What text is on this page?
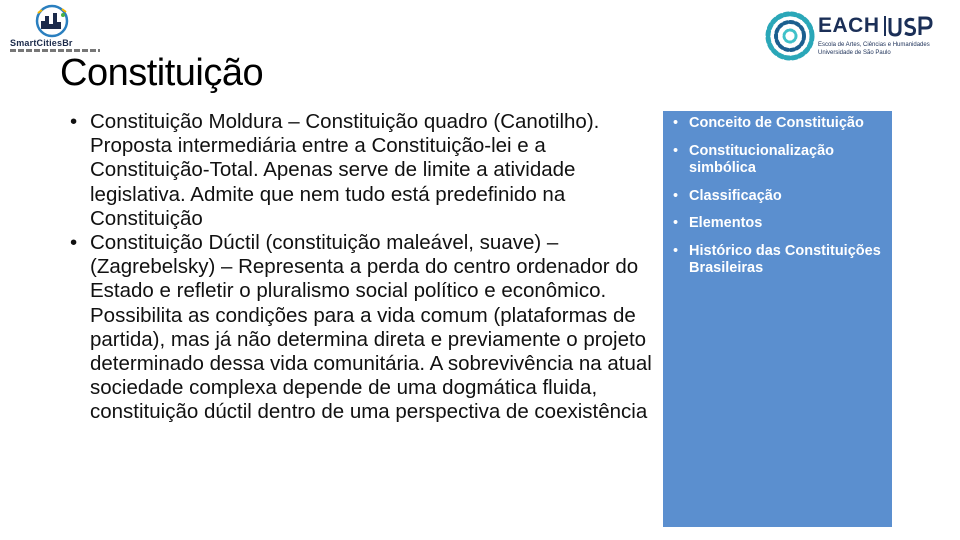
SmartCitiesBr
EACH
Escola de Artes, Ciências e Humanidades
Universidade de São Paulo
Constituição
• Constituição Moldura – Constituição quadro (Canotilho). Proposta intermediária entre a Constituição-lei e a Constituição-Total. Apenas serve de limite a atividade legislativa. Admite que nem tudo está predefinido na Constituição
• Constituição Dúctil (constituição maleável, suave) – (Zagrebelsky) – Representa a perda do centro ordenador do Estado e refletir o pluralismo social político e econômico. Possibilita as condições para a vida comum (plataformas de partida), mas já não determina direta e previamente o projeto determinado dessa vida comunitária. A sobrevivência na atual sociedade complexa depende de uma dogmática fluida, constituição dúctil dentro de uma perspectiva de coexistência
• Conceito de Constituição
• Constitucionalização simbólica
• Classificação
• Elementos
• Histórico das Constituições Brasileiras
